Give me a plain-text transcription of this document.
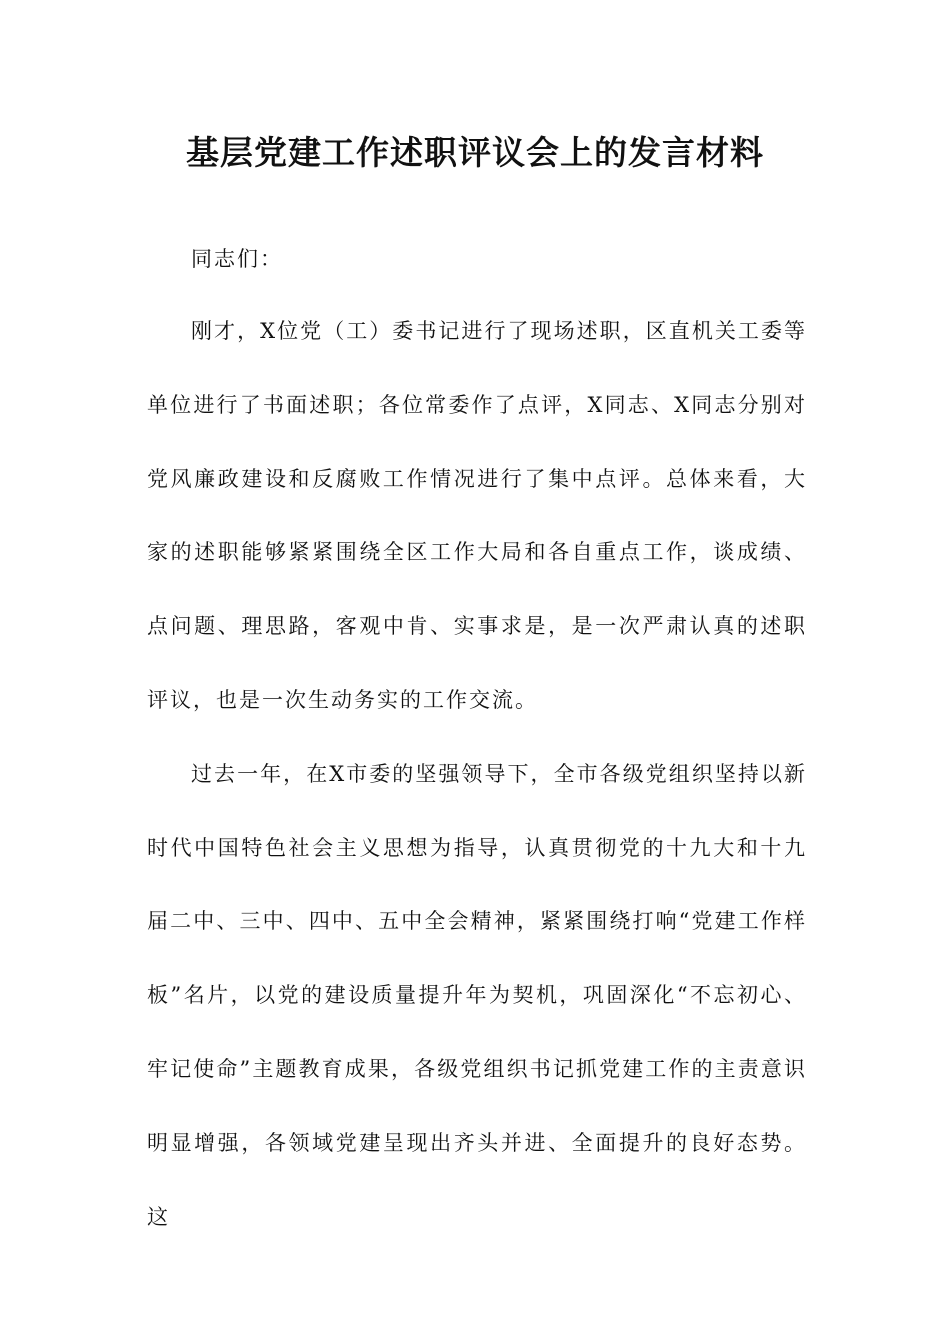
基层党建工作述职评议会上的发言材料

同志们：

刚才，X位党（工）委书记进行了现场述职，区直机关工委等单位进行了书面述职；各位常委作了点评，X同志、X同志分别对党风廉政建设和反腐败工作情况进行了集中点评。总体来看，大家的述职能够紧紧围绕全区工作大局和各自重点工作，谈成绩、点问题、理思路，客观中肯、实事求是，是一次严肃认真的述职评议，也是一次生动务实的工作交流。

过去一年，在X市委的坚强领导下，全市各级党组织坚持以新时代中国特色社会主义思想为指导，认真贯彻党的十九大和十九届二中、三中、四中、五中全会精神，紧紧围绕打响“党建工作样板”名片，以党的建设质量提升年为契机，巩固深化“不忘初心、牢记使命”主题教育成果，各级党组织书记抓党建工作的主责意识明显增强，各领域党建呈现出齐头并进、全面提升的良好态势。这
